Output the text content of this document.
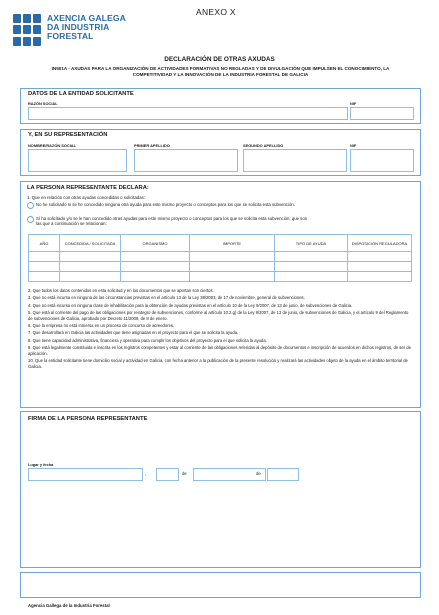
AXENCIA GALEGA
DA INDUSTRIA
FORESTAL
ANEXO X
DECLARACIÓN DE OTRAS AXUDAS
IN501A - AXUDAS PARA LA ORGANIZACIÓN DE ACTIVIDADES FORMATIVAS NO REGLADAS Y DE DIVULGACIÓN QUE IMPULSEN EL CONOCIMIENTO, LA
COMPETITIVIDAD Y LA INNOVACIÓN DE LA INDUSTRIA FORESTAL DE GALICIA
DATOS DE LA ENTIDAD SOLICITANTE
RAZÓN SOCIAL	NIF
Y, EN SU REPRESENTACIÓN
NOMBRE/RAZÓN SOCIAL	PRIMER APELLIDO	SEGUNDO APELLIDO	NIF
LA PERSONA REPRESENTANTE DECLARA:
1. Que en relación con otras ayudas concedidas o solicitadas:
No he solicitado ni se he concedido ninguna otra ayuda para este mismo proyecto o conceptos para los que se solicita esta subvención.
Sí ha solicitado y/o se le han concedido otras ayudas para este mismo proyecto o conceptos para los que se solicita esta subvención, que son
las que a continuación se relacionan:
AÑO	CONCEDIDA / SOLICITADA	ORGANISMO	IMPORTE	TIPO DE AYUDA	DISPOSICIÓN REGULADORA

2. Que todos los datos contenidos en esta solicitud y en los documentos que se aportan son ciertos.
3. Que no está incursa en ninguna de las circunstancias previstas en el artículo 13 de la Ley 38/2003, de 17 de noviembre, general de subvenciones.
4. Que no está incursa en ninguna clase de inhabilitación para la obtención de ayudas previstas en el artículo 10 de la Ley 9/2007, de 13 de junio, de subvenciones de Galicia.
5. Que está al corriente del pago de las obligaciones por reintegro de subvenciones, conforme al artículo 10.2.g) de la Ley 9/2007, de 13 de junio, de subvenciones de Galicia, y el artículo 9 del Reglamento de subvenciones de Galicia, aprobado por Decreto 11/2009, de 8 de enero.
6. Que la empresa no está inmersa en un proceso de concurso de acreedores.
7. Que desarrollará en Galicia las actividades que tiene asignadas en el proyecto para el que se solicita la ayuda.
8. Que tiene capacidad administrativa, financiera y operativa para cumplir los objetivos del proyecto para el que solicita la ayuda.
9. Que está legalmente constituida e inscrita en los registros competentes y estar al corriente de las obligaciones referidas al depósito de documentos e inscripción de acuerdos en dichos registros, de ser de aplicación.
10. Que la entidad solicitante tiene domicilio social y actividad en Galicia, con fecha anterior a la publicación de la presente resolución y realizará las actividades objeto de la ayuda en el ámbito territorial de Galicia.
FIRMA DE LA PERSONA REPRESENTANTE
Lugar y fecha
,	de	de
Agencia Gallega de la Industria Forestal
